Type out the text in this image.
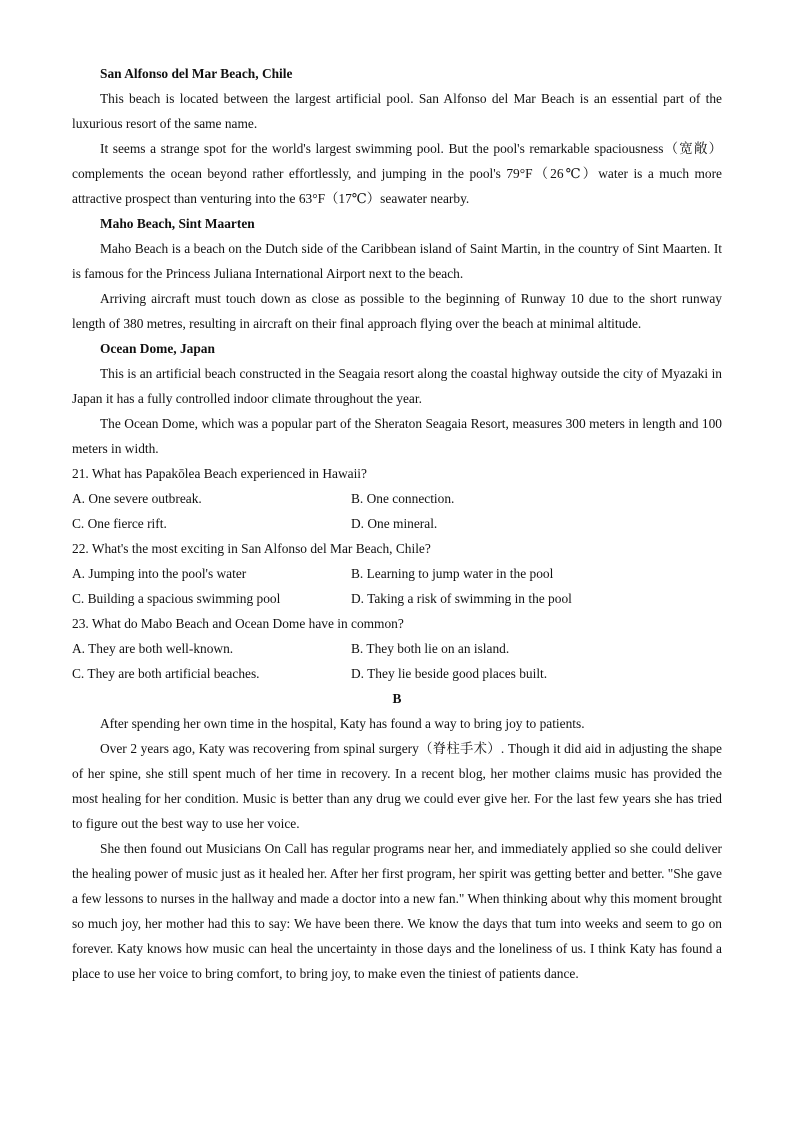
San Alfonso del Mar Beach, Chile
This beach is located between the largest artificial pool. San Alfonso del Mar Beach is an essential part of the luxurious resort of the same name.
It seems a strange spot for the world's largest swimming pool. But the pool's remarkable spaciousness（宽敞）complements the ocean beyond rather effortlessly, and jumping in the pool's 79°F（26℃）water is a much more attractive prospect than venturing into the 63°F（17℃）seawater nearby.
Maho Beach, Sint Maarten
Maho Beach is a beach on the Dutch side of the Caribbean island of Saint Martin, in the country of Sint Maarten. It is famous for the Princess Juliana International Airport next to the beach.
Arriving aircraft must touch down as close as possible to the beginning of Runway 10 due to the short runway length of 380 metres, resulting in aircraft on their final approach flying over the beach at minimal altitude.
Ocean Dome, Japan
This is an artificial beach constructed in the Seagaia resort along the coastal highway outside the city of Myazaki in Japan it has a fully controlled indoor climate throughout the year.
The Ocean Dome, which was a popular part of the Sheraton Seagaia Resort, measures 300 meters in length and 100 meters in width.
21. What has Papakōlea Beach experienced in Hawaii?
A. One severe outbreak.	B. One connection.
C. One fierce rift.	D. One mineral.
22. What's the most exciting in San Alfonso del Mar Beach, Chile?
A. Jumping into the pool's water	B. Learning to jump water in the pool
C. Building a spacious swimming pool	D. Taking a risk of swimming in the pool
23. What do Mabo Beach and Ocean Dome have in common?
A. They are both well-known.	B. They both lie on an island.
C. They are both artificial beaches.	D. They lie beside good places built.
B
After spending her own time in the hospital, Katy has found a way to bring joy to patients.
Over 2 years ago, Katy was recovering from spinal surgery（脊柱手术）. Though it did aid in adjusting the shape of her spine, she still spent much of her time in recovery. In a recent blog, her mother claims music has provided the most healing for her condition. Music is better than any drug we could ever give her. For the last few years she has tried to figure out the best way to use her voice.
She then found out Musicians On Call has regular programs near her, and immediately applied so she could deliver the healing power of music just as it healed her. After her first program, her spirit was getting better and better. "She gave a few lessons to nurses in the hallway and made a doctor into a new fan." When thinking about why this moment brought so much joy, her mother had this to say: We have been there. We know the days that tum into weeks and seem to go on forever. Katy knows how music can heal the uncertainty in those days and the loneliness of us. I think Katy has found a place to use her voice to bring comfort, to bring joy, to make even the tiniest of patients dance.
